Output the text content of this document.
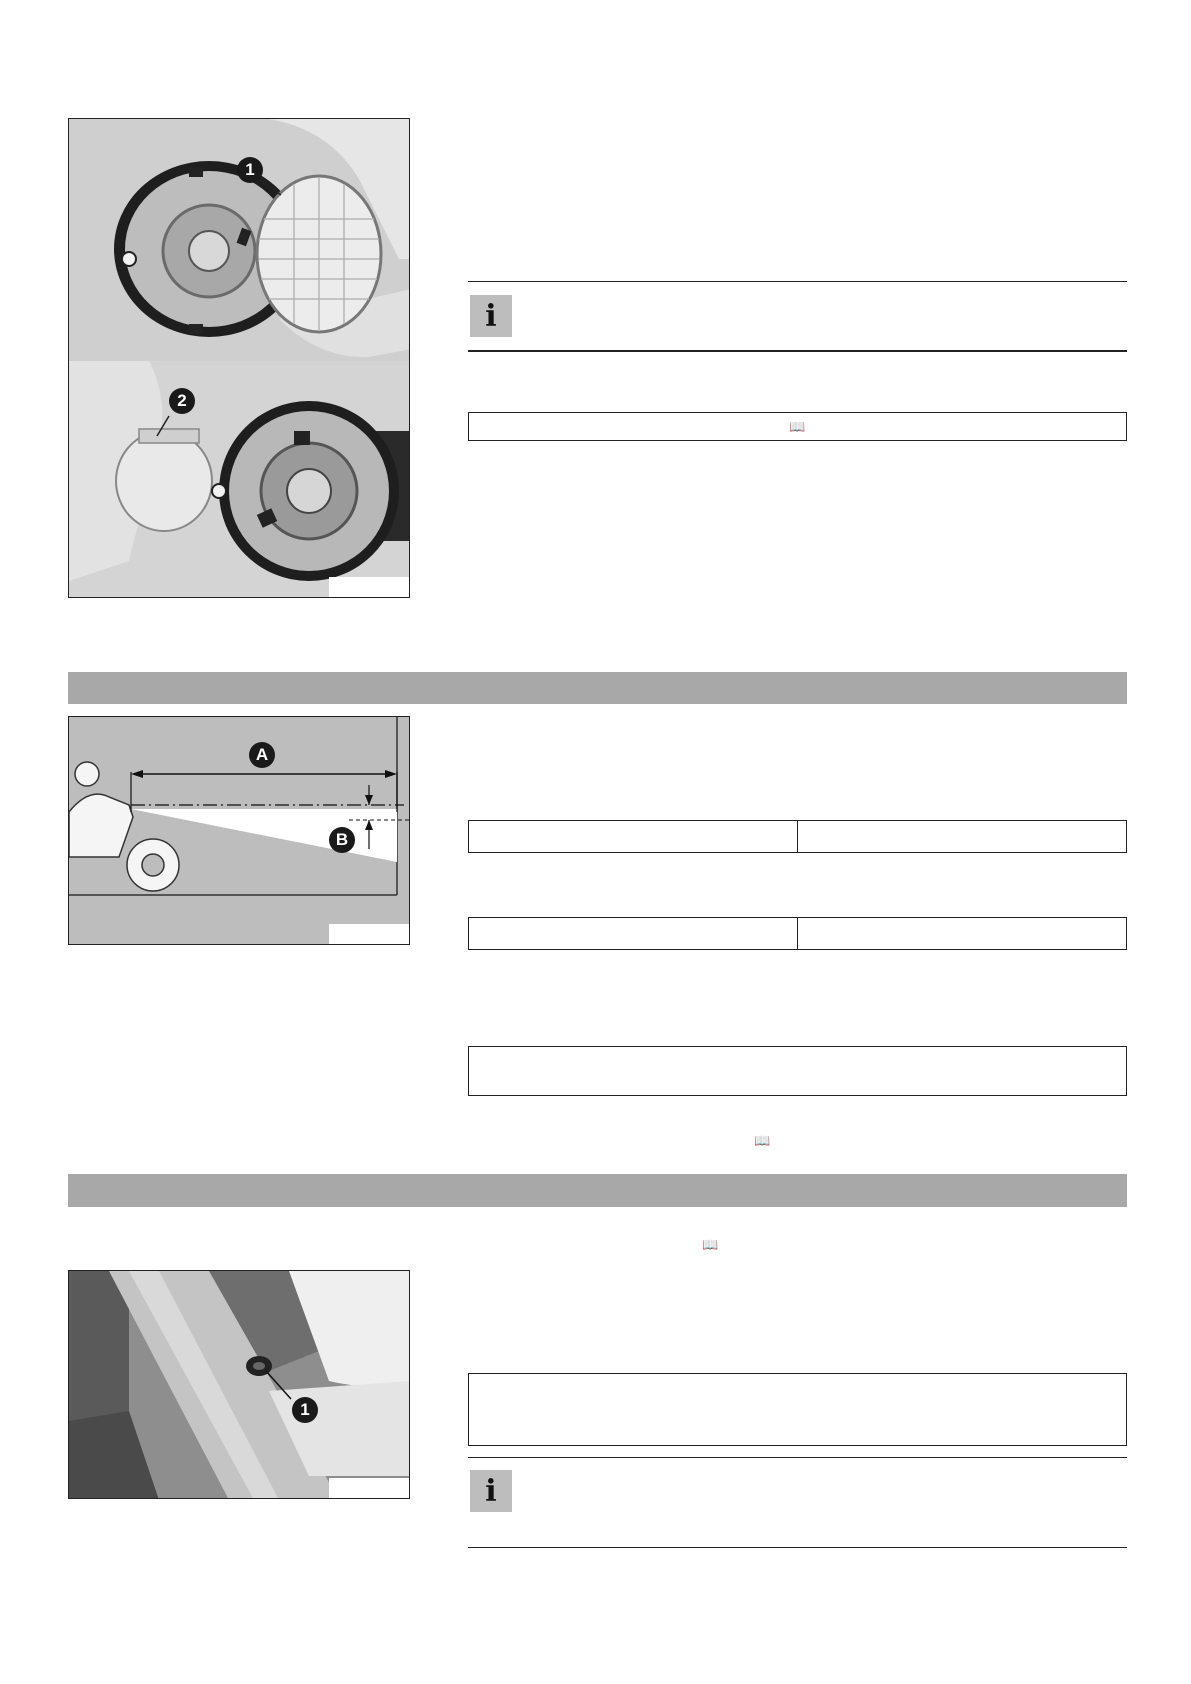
1
2
i
📖
A
B
📖
📖
1
i
